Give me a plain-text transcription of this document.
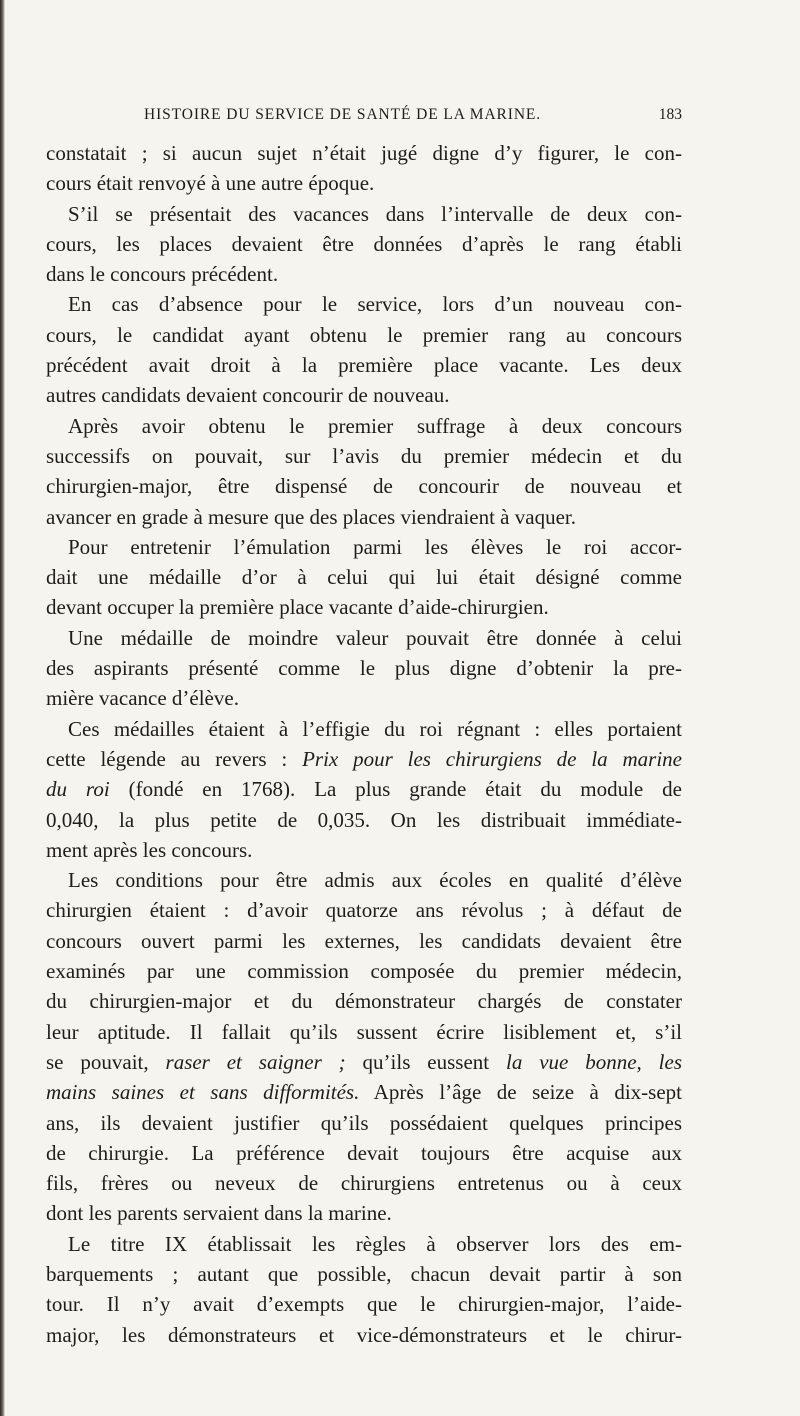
HISTOIRE DU SERVICE DE SANTÉ DE LA MARINE.	183
constatait ; si aucun sujet n’était jugé digne d’y figurer, le con-
cours était renvoyé à une autre époque.
S’il se présentait des vacances dans l’intervalle de deux con-
cours, les places devaient être données d’après le rang établi
dans le concours précédent.
En cas d’absence pour le service, lors d’un nouveau con-
cours, le candidat ayant obtenu le premier rang au concours
précédent avait droit à la première place vacante. Les deux
autres candidats devaient concourir de nouveau.
Après avoir obtenu le premier suffrage à deux concours
successifs on pouvait, sur l’avis du premier médecin et du
chirurgien-major, être dispensé de concourir de nouveau et
avancer en grade à mesure que des places viendraient à vaquer.
Pour entretenir l’émulation parmi les élèves le roi accor-
dait une médaille d’or à celui qui lui était désigné comme
devant occuper la première place vacante d’aide-chirurgien.
Une médaille de moindre valeur pouvait être donnée à celui
des aspirants présenté comme le plus digne d’obtenir la pre-
mière vacance d’élève.
Ces médailles étaient à l’effigie du roi régnant : elles portaient
cette légende au revers : Prix pour les chirurgiens de la marine
du roi (fondé en 1768). La plus grande était du module de
0,040, la plus petite de 0,035. On les distribuait immédiate-
ment après les concours.
Les conditions pour être admis aux écoles en qualité d’élève
chirurgien étaient : d’avoir quatorze ans révolus ; à défaut de
concours ouvert parmi les externes, les candidats devaient être
examinés par une commission composée du premier médecin,
du chirurgien-major et du démonstrateur chargés de constater
leur aptitude. Il fallait qu’ils sussent écrire lisiblement et, s’il
se pouvait, raser et saigner ; qu’ils eussent la vue bonne, les
mains saines et sans difformités. Après l’âge de seize à dix-sept
ans, ils devaient justifier qu’ils possédaient quelques principes
de chirurgie. La préférence devait toujours être acquise aux
fils, frères ou neveux de chirurgiens entretenus ou à ceux
dont les parents servaient dans la marine.
Le titre IX établissait les règles à observer lors des em-
barquements ; autant que possible, chacun devait partir à son
tour. Il n’y avait d’exempts que le chirurgien-major, l’aide-
major, les démonstrateurs et vice-démonstrateurs et le chirur-
